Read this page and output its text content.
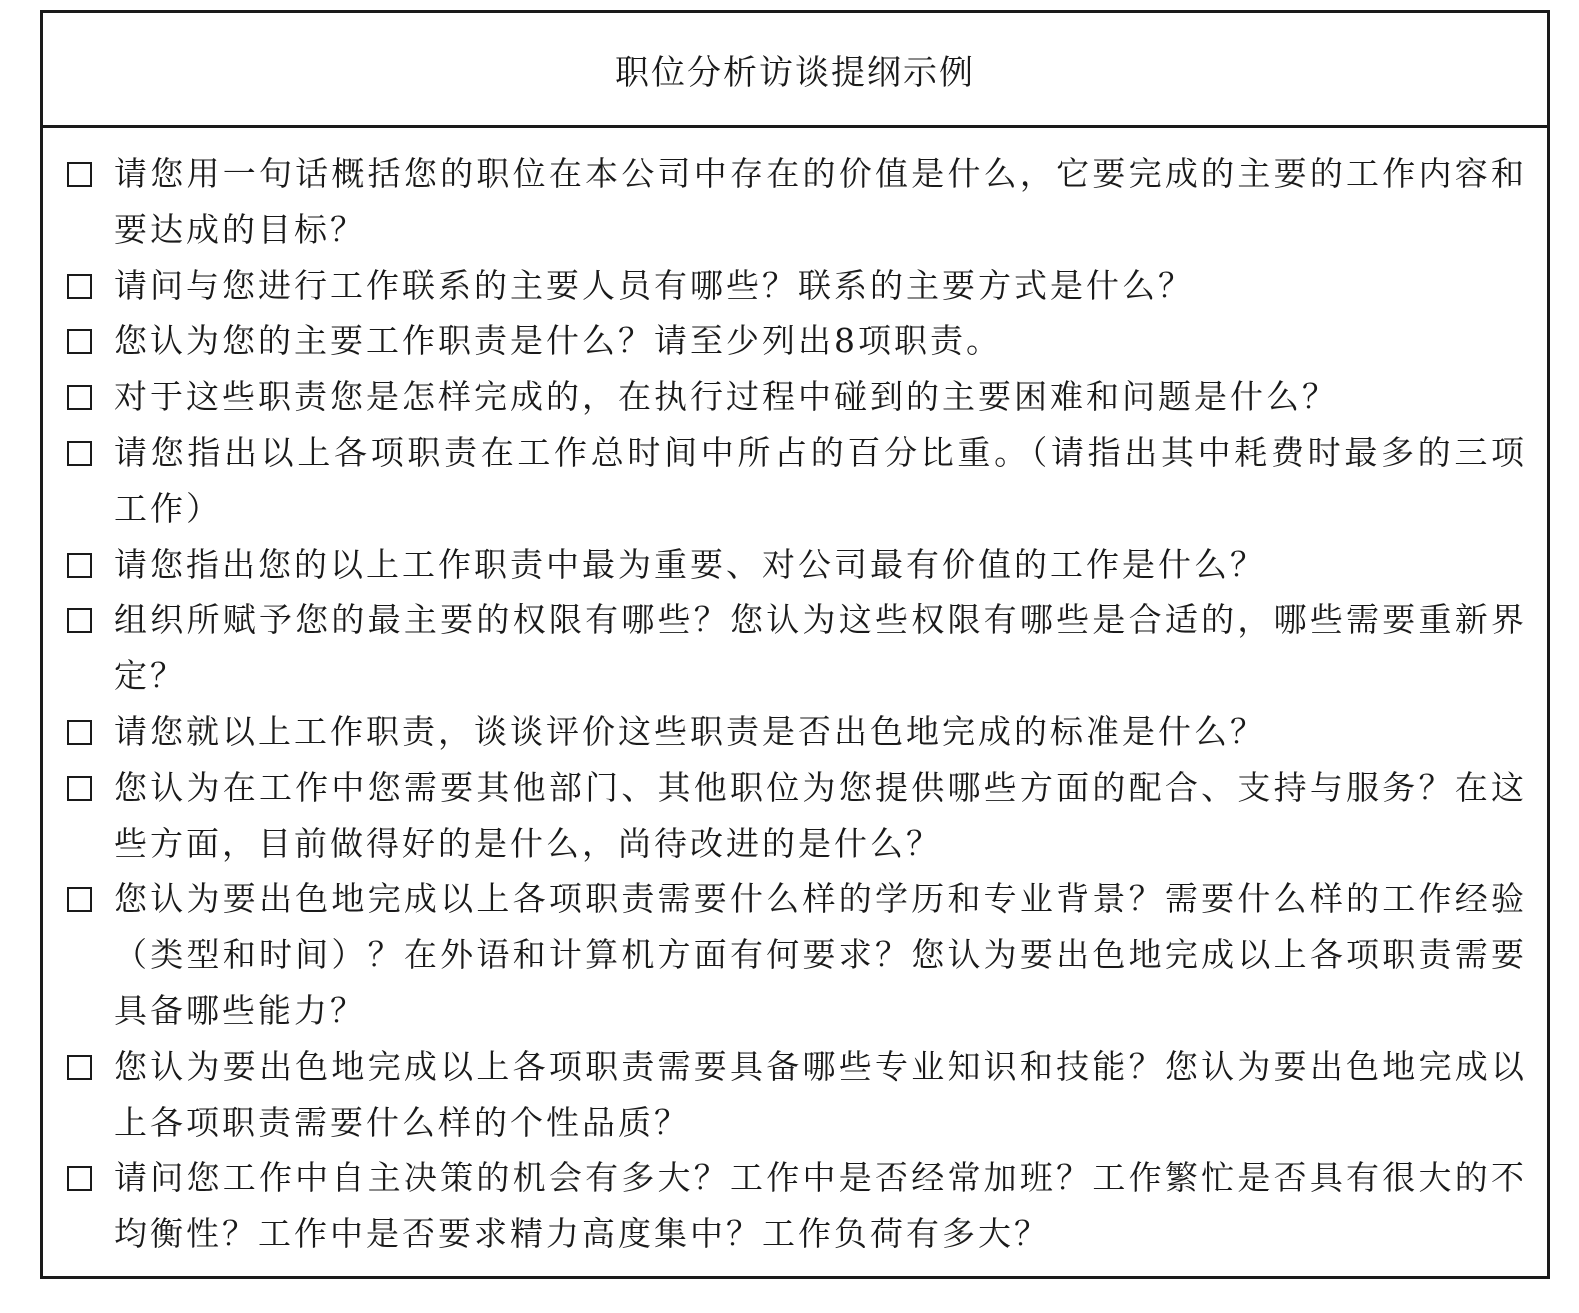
职位分析访谈提纲示例
请您用一句话概括您的职位在本公司中存在的价值是什么，它要完成的主要的工作内容和要达成的目标？
请问与您进行工作联系的主要人员有哪些？联系的主要方式是什么？
您认为您的主要工作职责是什么？请至少列出8项职责。
对于这些职责您是怎样完成的，在执行过程中碰到的主要困难和问题是什么？
请您指出以上各项职责在工作总时间中所占的百分比重。（请指出其中耗费时最多的三项工作）
请您指出您的以上工作职责中最为重要、对公司最有价值的工作是什么？
组织所赋予您的最主要的权限有哪些？您认为这些权限有哪些是合适的，哪些需要重新界定？
请您就以上工作职责，谈谈评价这些职责是否出色地完成的标准是什么？
您认为在工作中您需要其他部门、其他职位为您提供哪些方面的配合、支持与服务？在这些方面，目前做得好的是什么，尚待改进的是什么？
您认为要出色地完成以上各项职责需要什么样的学历和专业背景？需要什么样的工作经验（类型和时间）？在外语和计算机方面有何要求？您认为要出色地完成以上各项职责需要具备哪些能力？
您认为要出色地完成以上各项职责需要具备哪些专业知识和技能？您认为要出色地完成以上各项职责需要什么样的个性品质？
请问您工作中自主决策的机会有多大？工作中是否经常加班？工作繁忙是否具有很大的不均衡性？工作中是否要求精力高度集中？工作负荷有多大？
